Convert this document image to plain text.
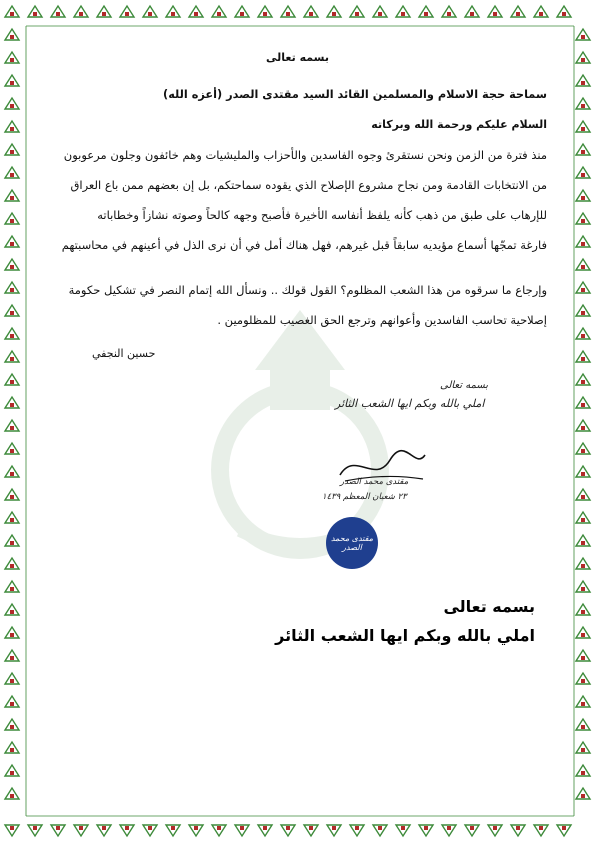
بسمه تعالى
سماحة حجة الاسلام والمسلمين القائد السيد مقتدى الصدر (أعزه الله)
السلام عليكم ورحمة الله وبركاته
منذ فترة من الزمن ونحن نستقرئ وجوه الفاسدين والأحزاب والمليشيات وهم خائفون وجلون مرعوبون
من الانتخابات القادمة ومن نجاح مشروع الإصلاح الذي يقوده سماحتكم، بل إن بعضهم ممن باع العراق
للإرهاب على طبق من ذهب كأنه يلفظ أنفاسه الأخيرة فأصبح وجهه كالحاً وصوته نشازاً وخطاباته
فارغة تمجّها أسماع مؤيديه سابقاً قبل غيرهم، فهل هناك أمل في أن نرى الذل في أعينهم في محاسبتهم
وإرجاع ما سرقوه من هذا الشعب المظلوم؟ القول قولك .. ونسأل الله إتمام النصر في تشكيل حكومة
إصلاحية تحاسب الفاسدين وأعوانهم وترجع الحق الغصيب للمظلومين .
حسين النجفي
بسمه تعالى
املي بالله وبكم ايها الشعب الثائر
مقتدى محمد الصدر
٢٣ شعبان المعظم ١٤٣٩
مقتدى محمد الصدر
بسمه تعالى
املي بالله وبكم ايها الشعب الثائر
